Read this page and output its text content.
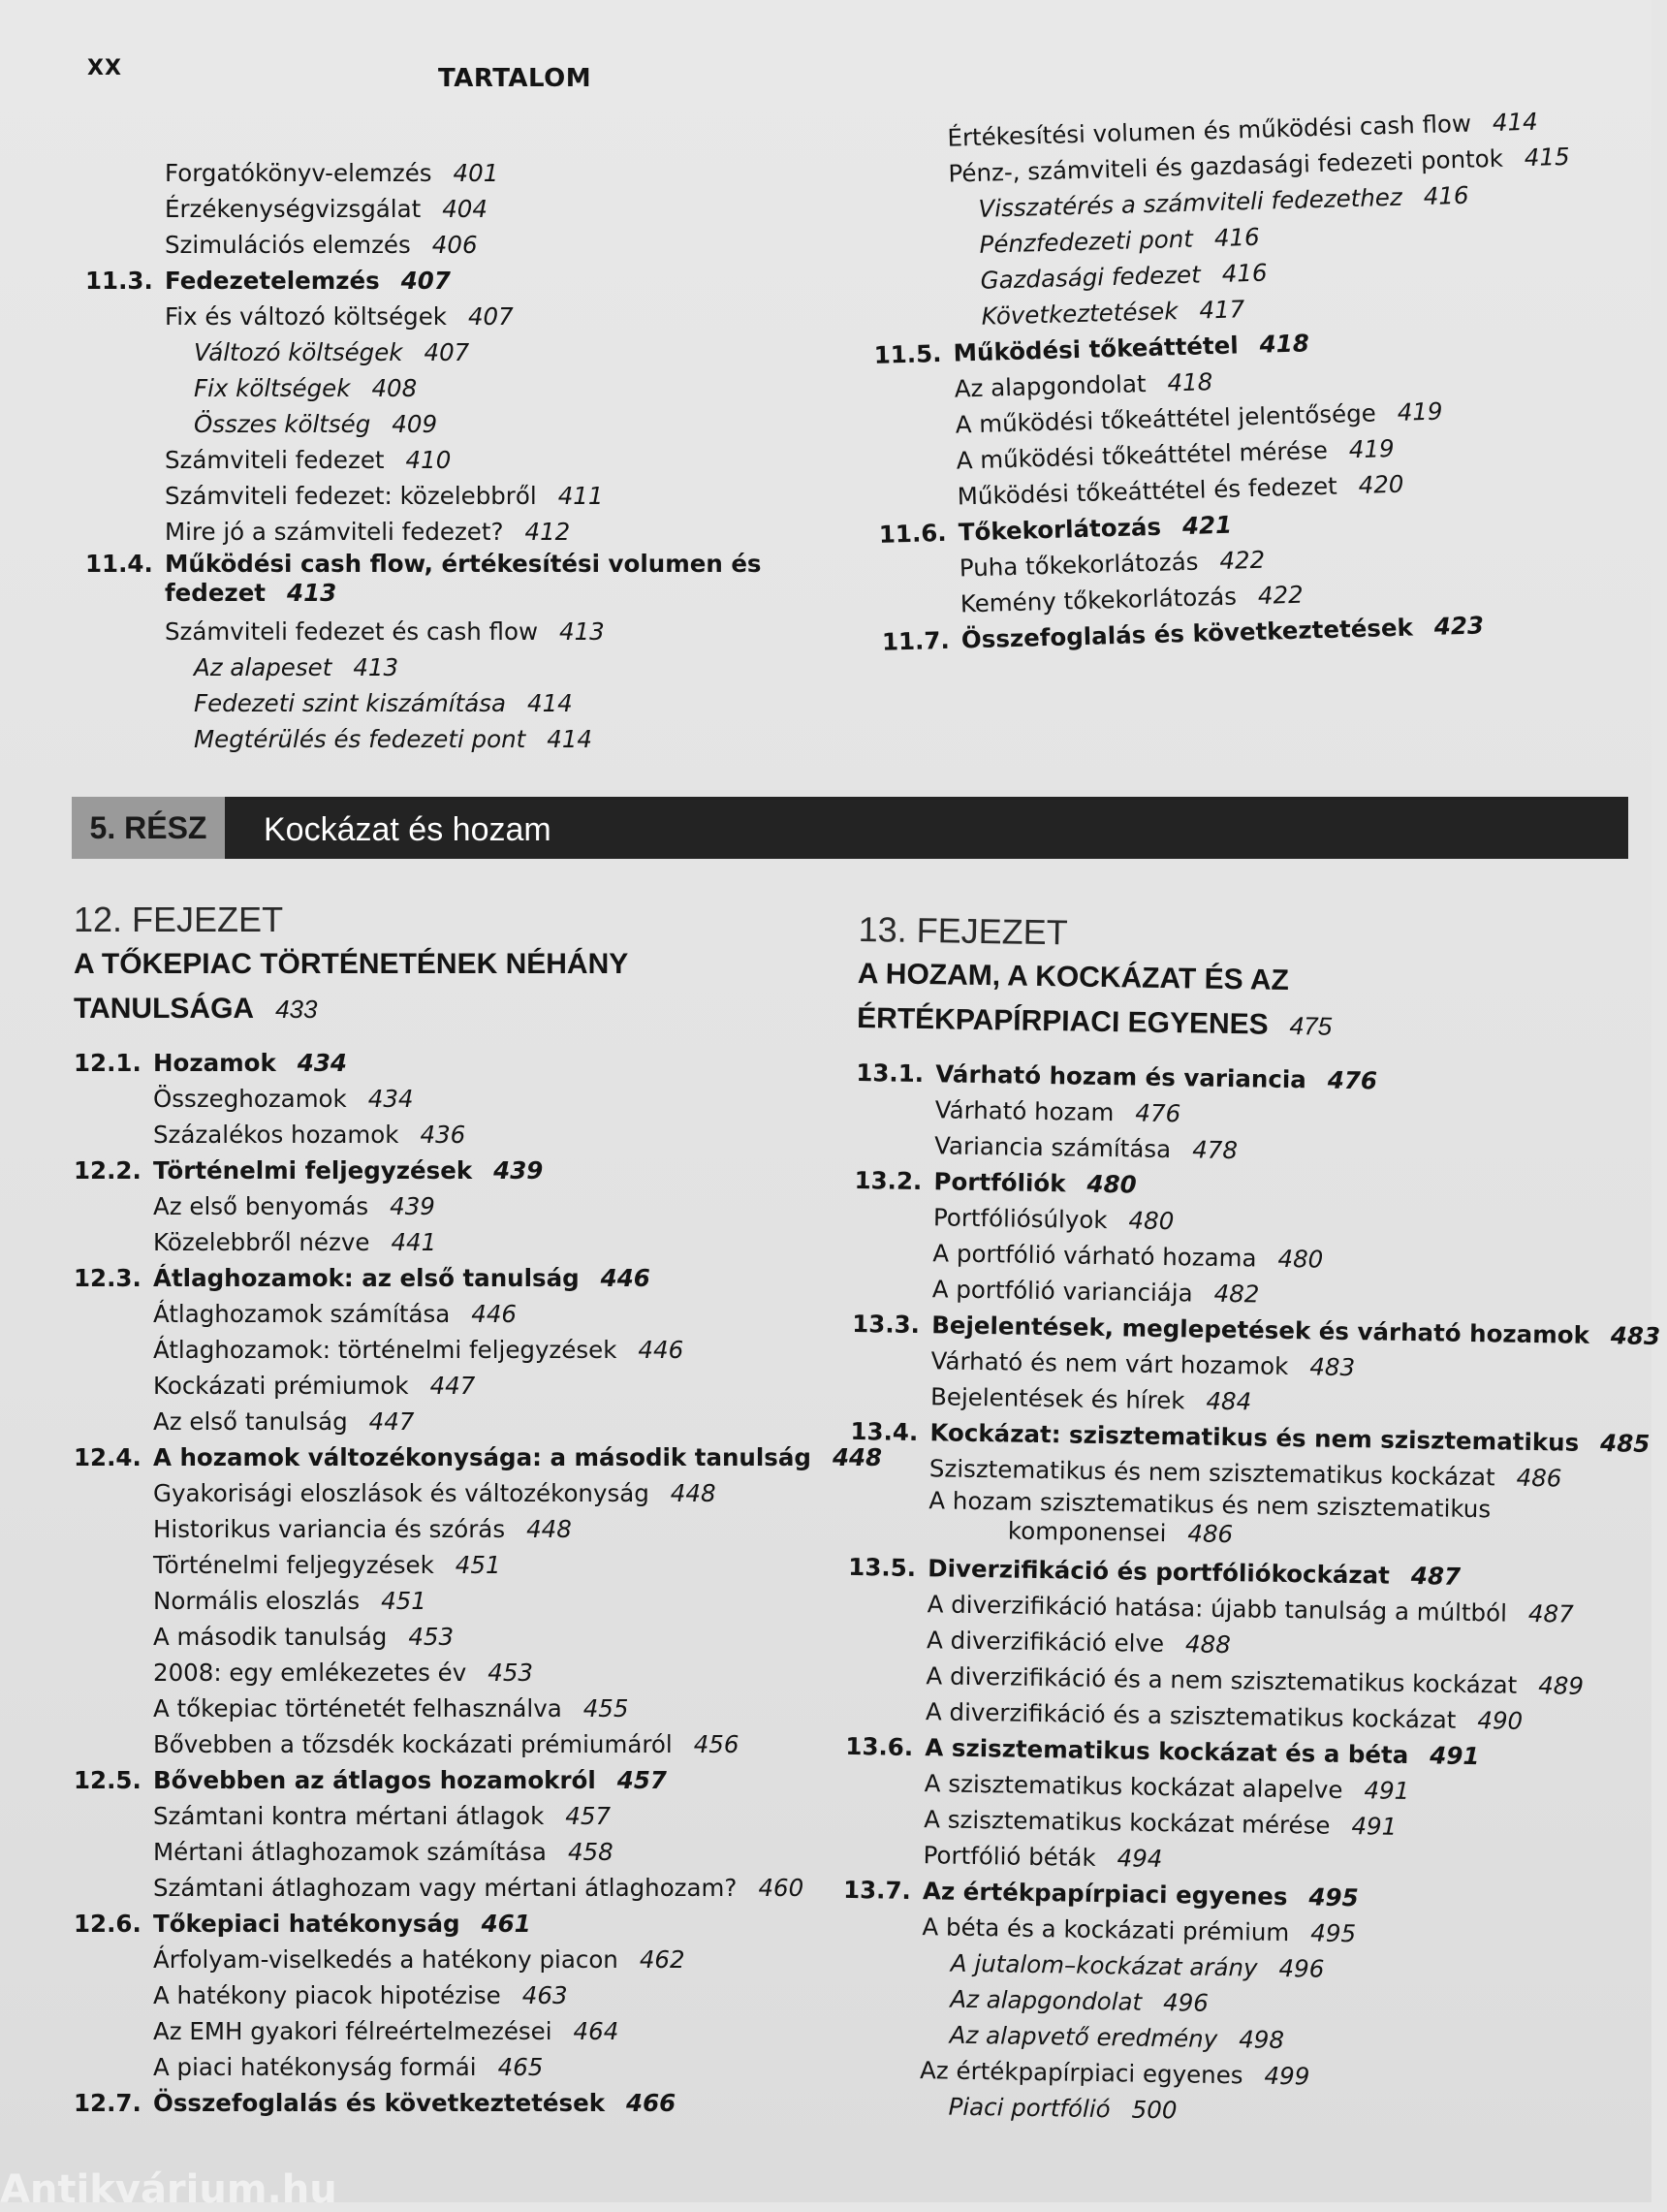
XX	TARTALOM
Forgatókönyv-elemzés 401
Érzékenységvizsgálat 404
Szimulációs elemzés 406
11.3. Fedezetelemzés 407
Fix és változó költségek 407
Változó költségek 407
Fix költségek 408
Összes költség 409
Számviteli fedezet 410
Számviteli fedezet: közelebbről 411
Mire jó a számviteli fedezet? 412
11.4. Működési cash flow, értékesítési volumen és
fedezet 413
Számviteli fedezet és cash flow 413
Az alapeset 413
Fedezeti szint kiszámítása 414
Megtérülés és fedezeti pont 414
Értékesítési volumen és működési cash flow 414
Pénz-, számviteli és gazdasági fedezeti pontok 415
Visszatérés a számviteli fedezethez 416
Pénzfedezeti pont 416
Gazdasági fedezet 416
Következtetések 417
11.5. Működési tőkeáttétel 418
Az alapgondolat 418
A működési tőkeáttétel jelentősége 419
A működési tőkeáttétel mérése 419
Működési tőkeáttétel és fedezet 420
11.6. Tőkekorlátozás 421
Puha tőkekorlátozás 422
Kemény tőkekorlátozás 422
11.7. Összefoglalás és következtetések 423
5. RÉSZ	Kockázat és hozam
12. FEJEZET
A TŐKEPIAC TÖRTÉNETÉNEK NÉHÁNY TANULSÁGA 433
12.1. Hozamok 434
Összeghozamok 434
Százalékos hozamok 436
12.2. Történelmi feljegyzések 439
Az első benyomás 439
Közelebbről nézve 441
12.3. Átlaghozamok: az első tanulság 446
Átlaghozamok számítása 446
Átlaghozamok: történelmi feljegyzések 446
Kockázati prémiumok 447
Az első tanulság 447
12.4. A hozamok változékonysága: a második tanulság 448
Gyakorisági eloszlások és változékonyság 448
Historikus variancia és szórás 448
Történelmi feljegyzések 451
Normális eloszlás 451
A második tanulság 453
2008: egy emlékezetes év 453
A tőkepiac történetét felhasználva 455
Bővebben a tőzsdék kockázati prémiumáról 456
12.5. Bővebben az átlagos hozamokról 457
Számtani kontra mértani átlagok 457
Mértani átlaghozamok számítása 458
Számtani átlaghozam vagy mértani átlaghozam? 460
12.6. Tőkepiaci hatékonyság 461
Árfolyam-viselkedés a hatékony piacon 462
A hatékony piacok hipotézise 463
Az EMH gyakori félreértelmezései 464
A piaci hatékonyság formái 465
12.7. Összefoglalás és következtetések 466
13. FEJEZET
A HOZAM, A KOCKÁZAT ÉS AZ ÉRTÉKPAPÍRPIACI EGYENES 475
13.1. Várható hozam és variancia 476
Várható hozam 476
Variancia számítása 478
13.2. Portfóliók 480
Portfóliósúlyok 480
A portfólió várható hozama 480
A portfólió varianciája 482
13.3. Bejelentések, meglepetések és várható hozamok 483
Várható és nem várt hozamok 483
Bejelentések és hírek 484
13.4. Kockázat: szisztematikus és nem szisztematikus 485
Szisztematikus és nem szisztematikus kockázat 486
A hozam szisztematikus és nem szisztematikus
komponensei 486
13.5. Diverzifikáció és portfóliókockázat 487
A diverzifikáció hatása: újabb tanulság a múltból 487
A diverzifikáció elve 488
A diverzifikáció és a nem szisztematikus kockázat 489
A diverzifikáció és a szisztematikus kockázat 490
13.6. A szisztematikus kockázat és a béta 491
A szisztematikus kockázat alapelve 491
A szisztematikus kockázat mérése 491
Portfólió béták 494
13.7. Az értékpapírpiaci egyenes 495
A béta és a kockázati prémium 495
A jutalom–kockázat arány 496
Az alapgondolat 496
Az alapvető eredmény 498
Az értékpapírpiaci egyenes 499
Piaci portfólió 500
Antikvárium.hu
